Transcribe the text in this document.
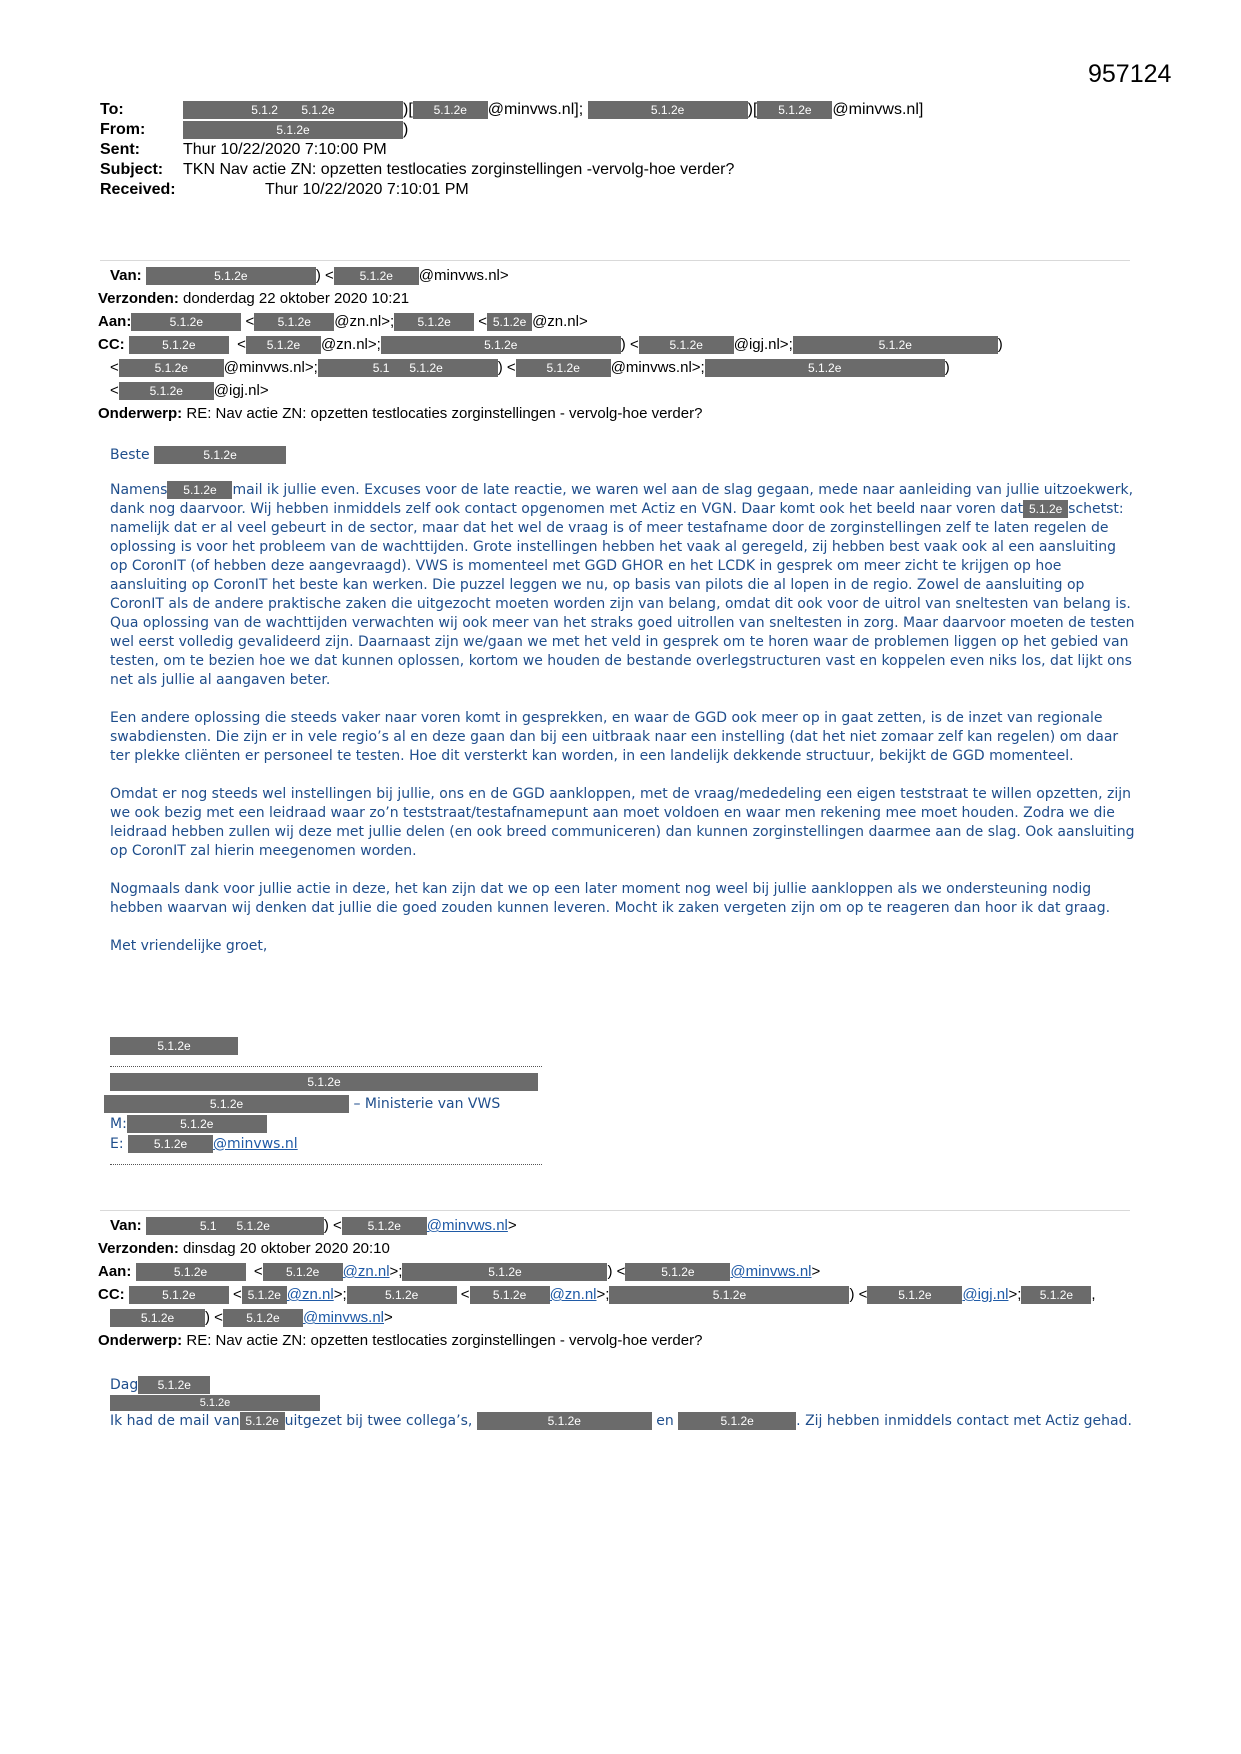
957124
To:	5.1.2 5.1.2e	)[ 5.1.2e @minvws.nl];	5.1.2e	)[ 5.1.2e @minvws.nl]
From:	5.1.2e	)
Sent:	Thur 10/22/2020 7:10:00 PM
Subject: TKN Nav actie ZN: opzetten testlocaties zorginstellingen -vervolg-hoe verder?
Received:	Thur 10/22/2020 7:10:01 PM
Van:	5.1.2e	) < 5.1.2e @minvws.nl>
Verzonden: donderdag 22 oktober 2020 10:21
Aan:	5.1.2e	< 5.1.2e @zn.nl>; 5.1.2e < 5.1.2e @zn.nl>
CC:	5.1.2e  < 5.1.2e @zn.nl>;	5.1.2e	) <	5.1.2e @igj.nl>;	5.1.2e	)
<	5.1.2e @minvws.nl>;	5.1 5.1.2e	) <	5.1.2e @minvws.nl>;	5.1.2e	)
<	5.1.2e @igj.nl>
Onderwerp: RE: Nav actie ZN: opzetten testlocaties zorginstellingen - vervolg-hoe verder?

Beste	5.1.2e

Namens 5.1.2e mail ik jullie even. Excuses voor de late reactie, we waren wel aan de slag gegaan, mede naar aanleiding van jullie uitzoekwerk, dank nog daarvoor. Wij hebben inmiddels zelf ook contact opgenomen met Actiz en VGN. Daar komt ook het beeld naar voren dat 5.1.2e schetst: namelijk dat er al veel gebeurt in de sector, maar dat het wel de vraag is of meer testafname door de zorginstellingen zelf te laten regelen de oplossing is voor het probleem van de wachttijden. Grote instellingen hebben het vaak al geregeld, zij hebben best vaak ook al een aansluiting op CoronIT (of hebben deze aangevraagd). VWS is momenteel met GGD GHOR en het LCDK in gesprek om meer zicht te krijgen op hoe aansluiting op CoronIT het beste kan werken. Die puzzel leggen we nu, op basis van pilots die al lopen in de regio. Zowel de aansluiting op CoronIT als de andere praktische zaken die uitgezocht moeten worden zijn van belang, omdat dit ook voor de uitrol van sneltesten van belang is. Qua oplossing van de wachttijden verwachten wij ook meer van het straks goed uitrollen van sneltesten in zorg. Maar daarvoor moeten de testen wel eerst volledig gevalideerd zijn. Daarnaast zijn we/gaan we met het veld in gesprek om te horen waar de problemen liggen op het gebied van testen, om te bezien hoe we dat kunnen oplossen, kortom we houden de bestande overlegstructuren vast en koppelen even niks los, dat lijkt ons net als jullie al aangaven beter.

Een andere oplossing die steeds vaker naar voren komt in gesprekken, en waar de GGD ook meer op in gaat zetten, is de inzet van regionale swabdiensten. Die zijn er in vele regio’s al en deze gaan dan bij een uitbraak naar een instelling (dat het niet zomaar zelf kan regelen) om daar ter plekke cliënten er personeel te testen. Hoe dit versterkt kan worden, in een landelijk dekkende structuur, bekijkt de GGD momenteel.

Omdat er nog steeds wel instellingen bij jullie, ons en de GGD aankloppen, met de vraag/mededeling een eigen teststraat te willen opzetten, zijn we ook bezig met een leidraad waar zo’n teststraat/testafnamepunt aan moet voldoen en waar men rekening mee moet houden. Zodra we die leidraad hebben zullen wij deze met jullie delen (en ook breed communiceren) dan kunnen zorginstellingen daarmee aan de slag. Ook aansluiting op CoronIT zal hierin meegenomen worden.

Nogmaals dank voor jullie actie in deze, het kan zijn dat we op een later moment nog weel bij jullie aankloppen als we ondersteuning nodig hebben waarvan wij denken dat jullie die goed zouden kunnen leveren. Mocht ik zaken vergeten zijn om op te reageren dan hoor ik dat graag.

Met vriendelijke groet,

5.1.2e
5.1.2e
5.1.2e	– Ministerie van VWS
M:	5.1.2e
E:	5.1.2e @minvws.nl
Van:	5.1 5.1.2e	) < 5.1.2e @minvws.nl>
Verzonden: dinsdag 20 oktober 2020 20:10
Aan:	5.1.2e	< 5.1.2e @zn.nl>;	5.1.2e	) <	5.1.2e @minvws.nl>
CC:	5.1.2e < 5.1.2e @zn.nl>;	5.1.2e	< 5.1.2e @zn.nl>;	5.1.2e	) <	5.1.2e @igj.nl>; 5.1.2e ,
5.1.2e ) < 5.1.2e @minvws.nl>
Onderwerp: RE: Nav actie ZN: opzetten testlocaties zorginstellingen - vervolg-hoe verder?
Dag 5.1.2e
5.1.2e
Ik had de mail van 5.1.2e uitgezet bij twee collega’s,	5.1.2e	en	5.1.2e	. Zij hebben inmiddels contact met Actiz gehad.
